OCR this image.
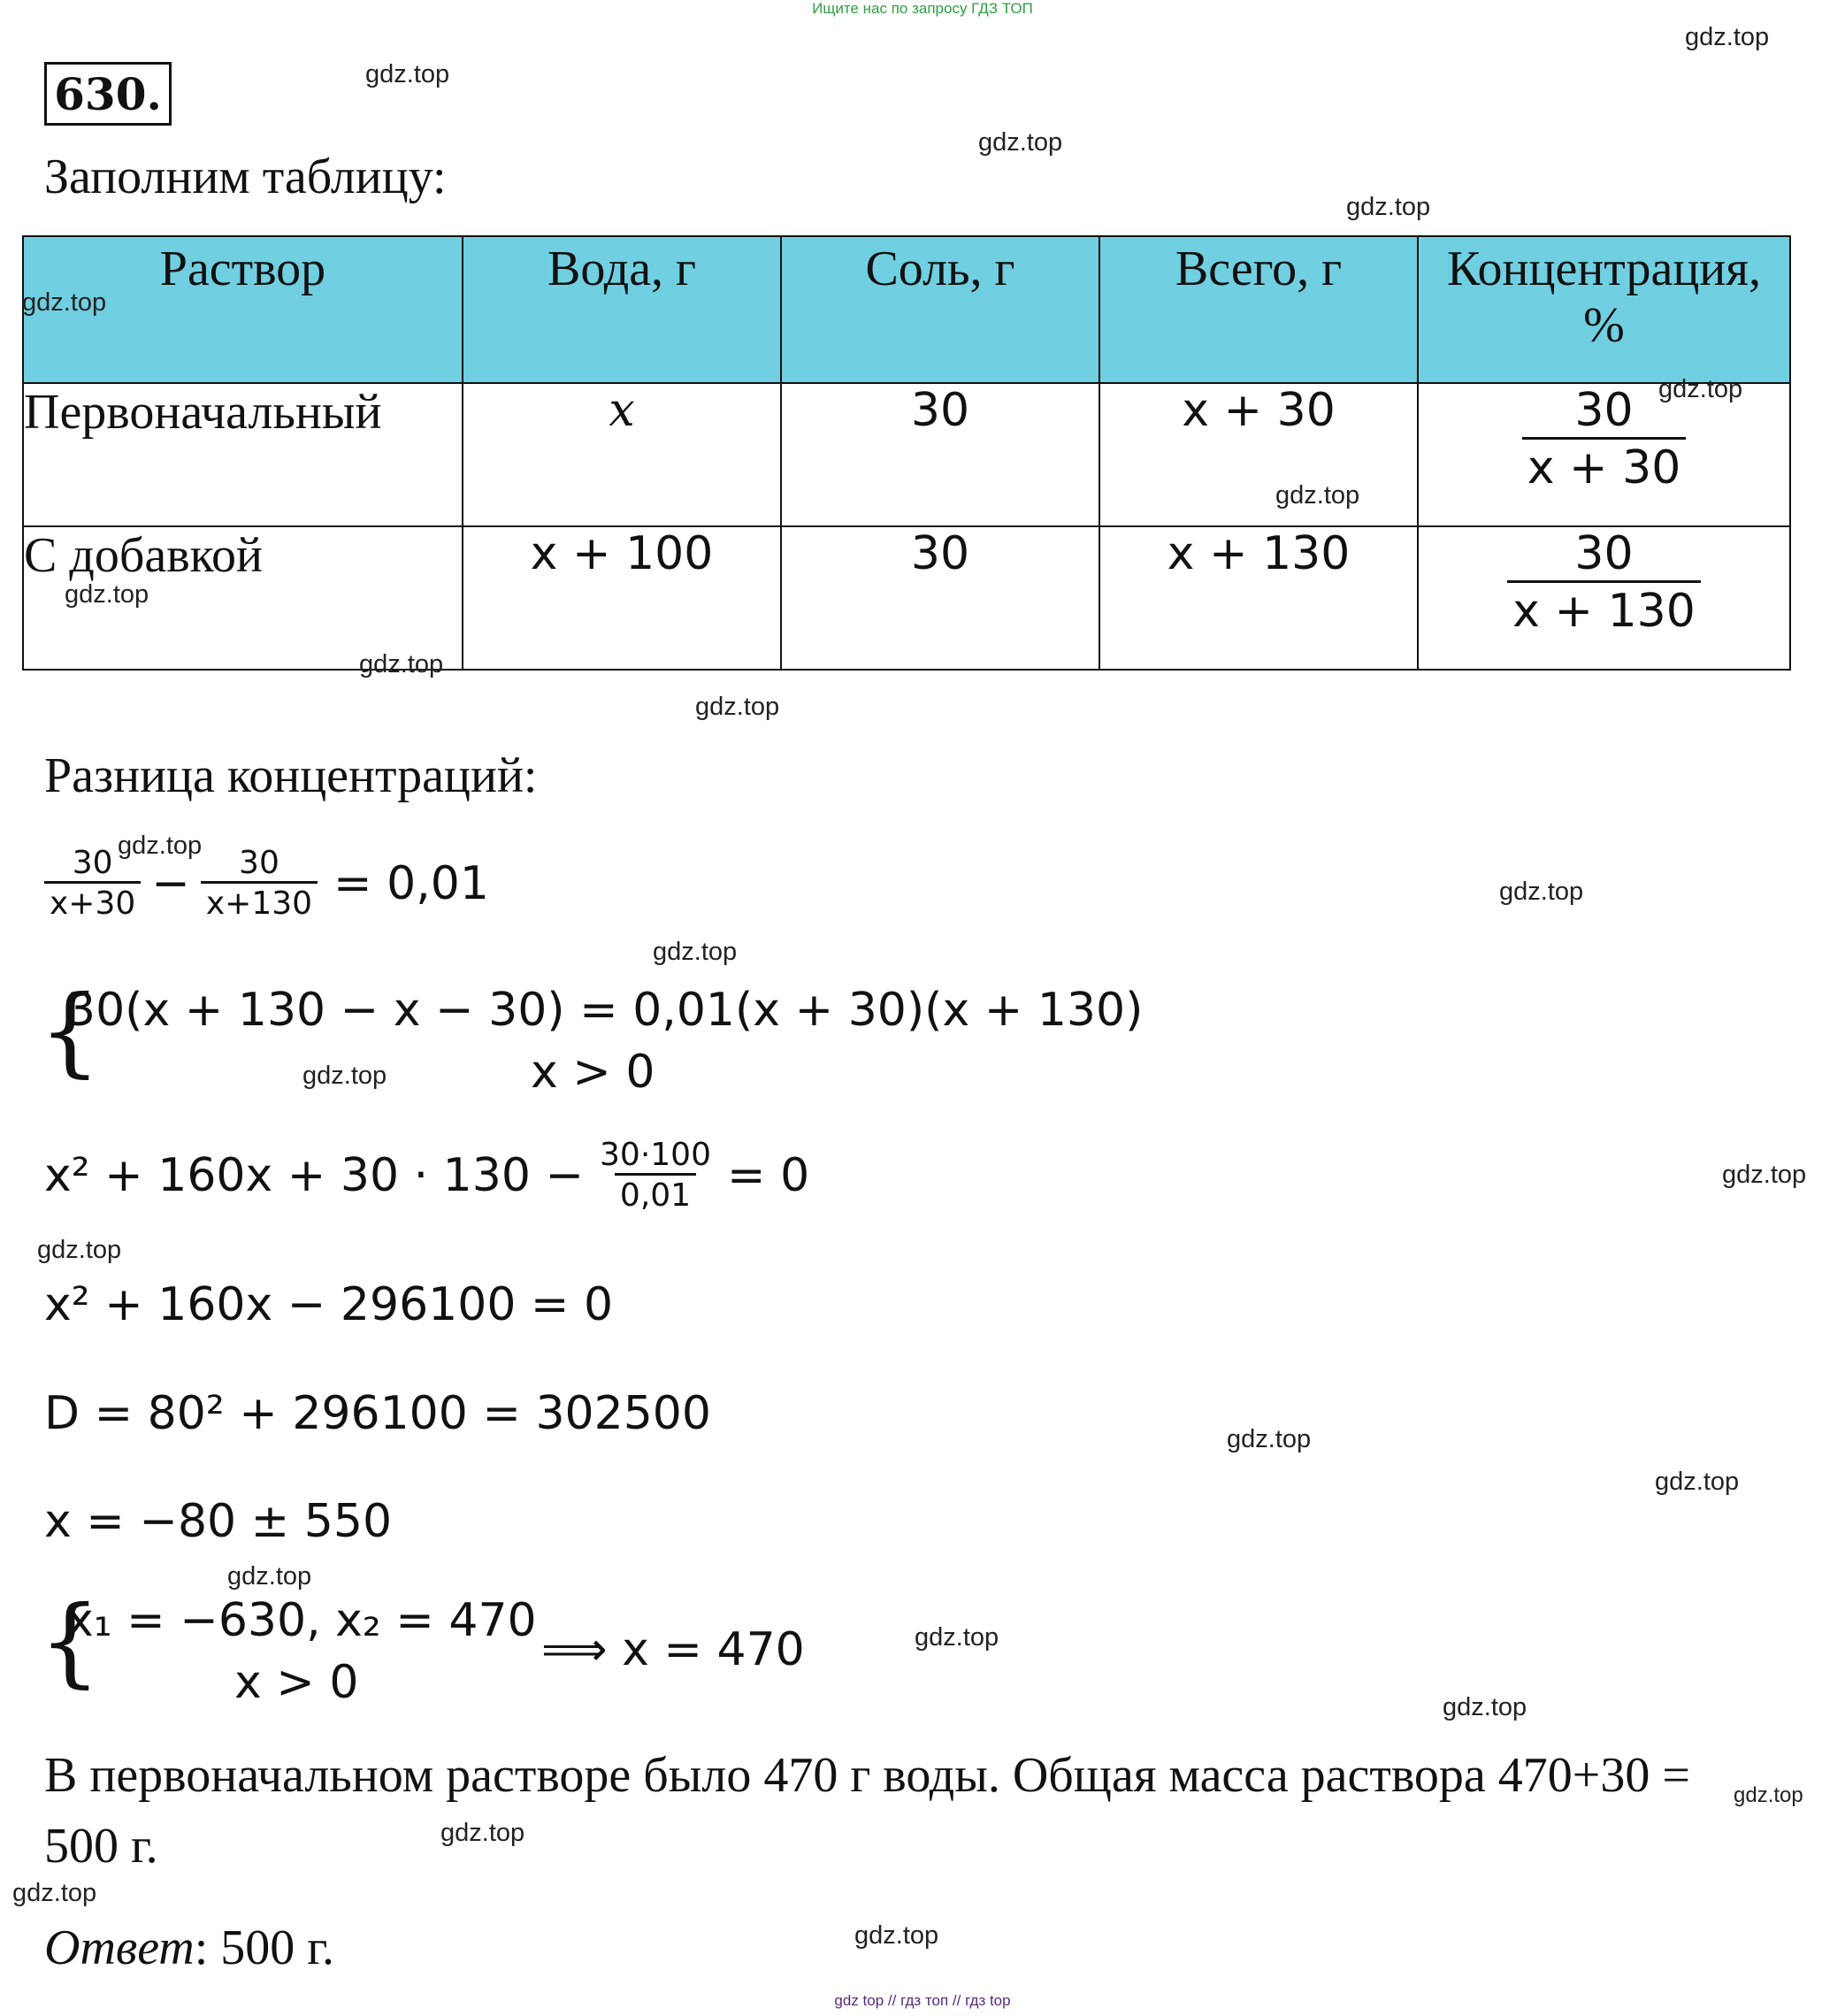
Ищите нас по запросу ГДЗ ТОП
630.
Заполним таблицу:
Раствор	Вода, г	Соль, г	Всего, г	Концентрация,
%

Первоначальный	x	30	x + 30	$\frac{30}{x + 30}$

С добавкой	x + 100	30	x + 130	$\frac{30}{x + 130}$
Разница концентраций:
$\frac{30}{x+30} - \frac{30}{x+130} = 0,01$
{
30(x + 130 − x − 30) = 0,01(x + 30)(x + 130)
x > 0
$x^2 + 160x + 30 \cdot 130 - \frac{30\cdot 100}{0,01} = 0$
x² + 160x − 296100 = 0
D = 80² + 296100 = 302500
x = −80 ± 550
{
x₁ = −630, x₂ = 470
x > 0
⟹ x = 470
В первоначальном растворе было 470 г воды. Общая масса раствора 470+30 =
500 г.
Ответ: 500 г.
gdz.top
gdz.top
gdz.top
gdz.top
gdz.top
gdz.top
gdz.top
gdz.top
gdz.top
gdz.top
gdz.top
gdz.top
gdz.top
gdz.top
gdz.top
gdz.top
gdz.top
gdz.top
gdz.top
gdz.top
gdz.top
gdz.top
gdz.top
gdz.top
gdz.top
gdz top // гдз топ // гдз top
